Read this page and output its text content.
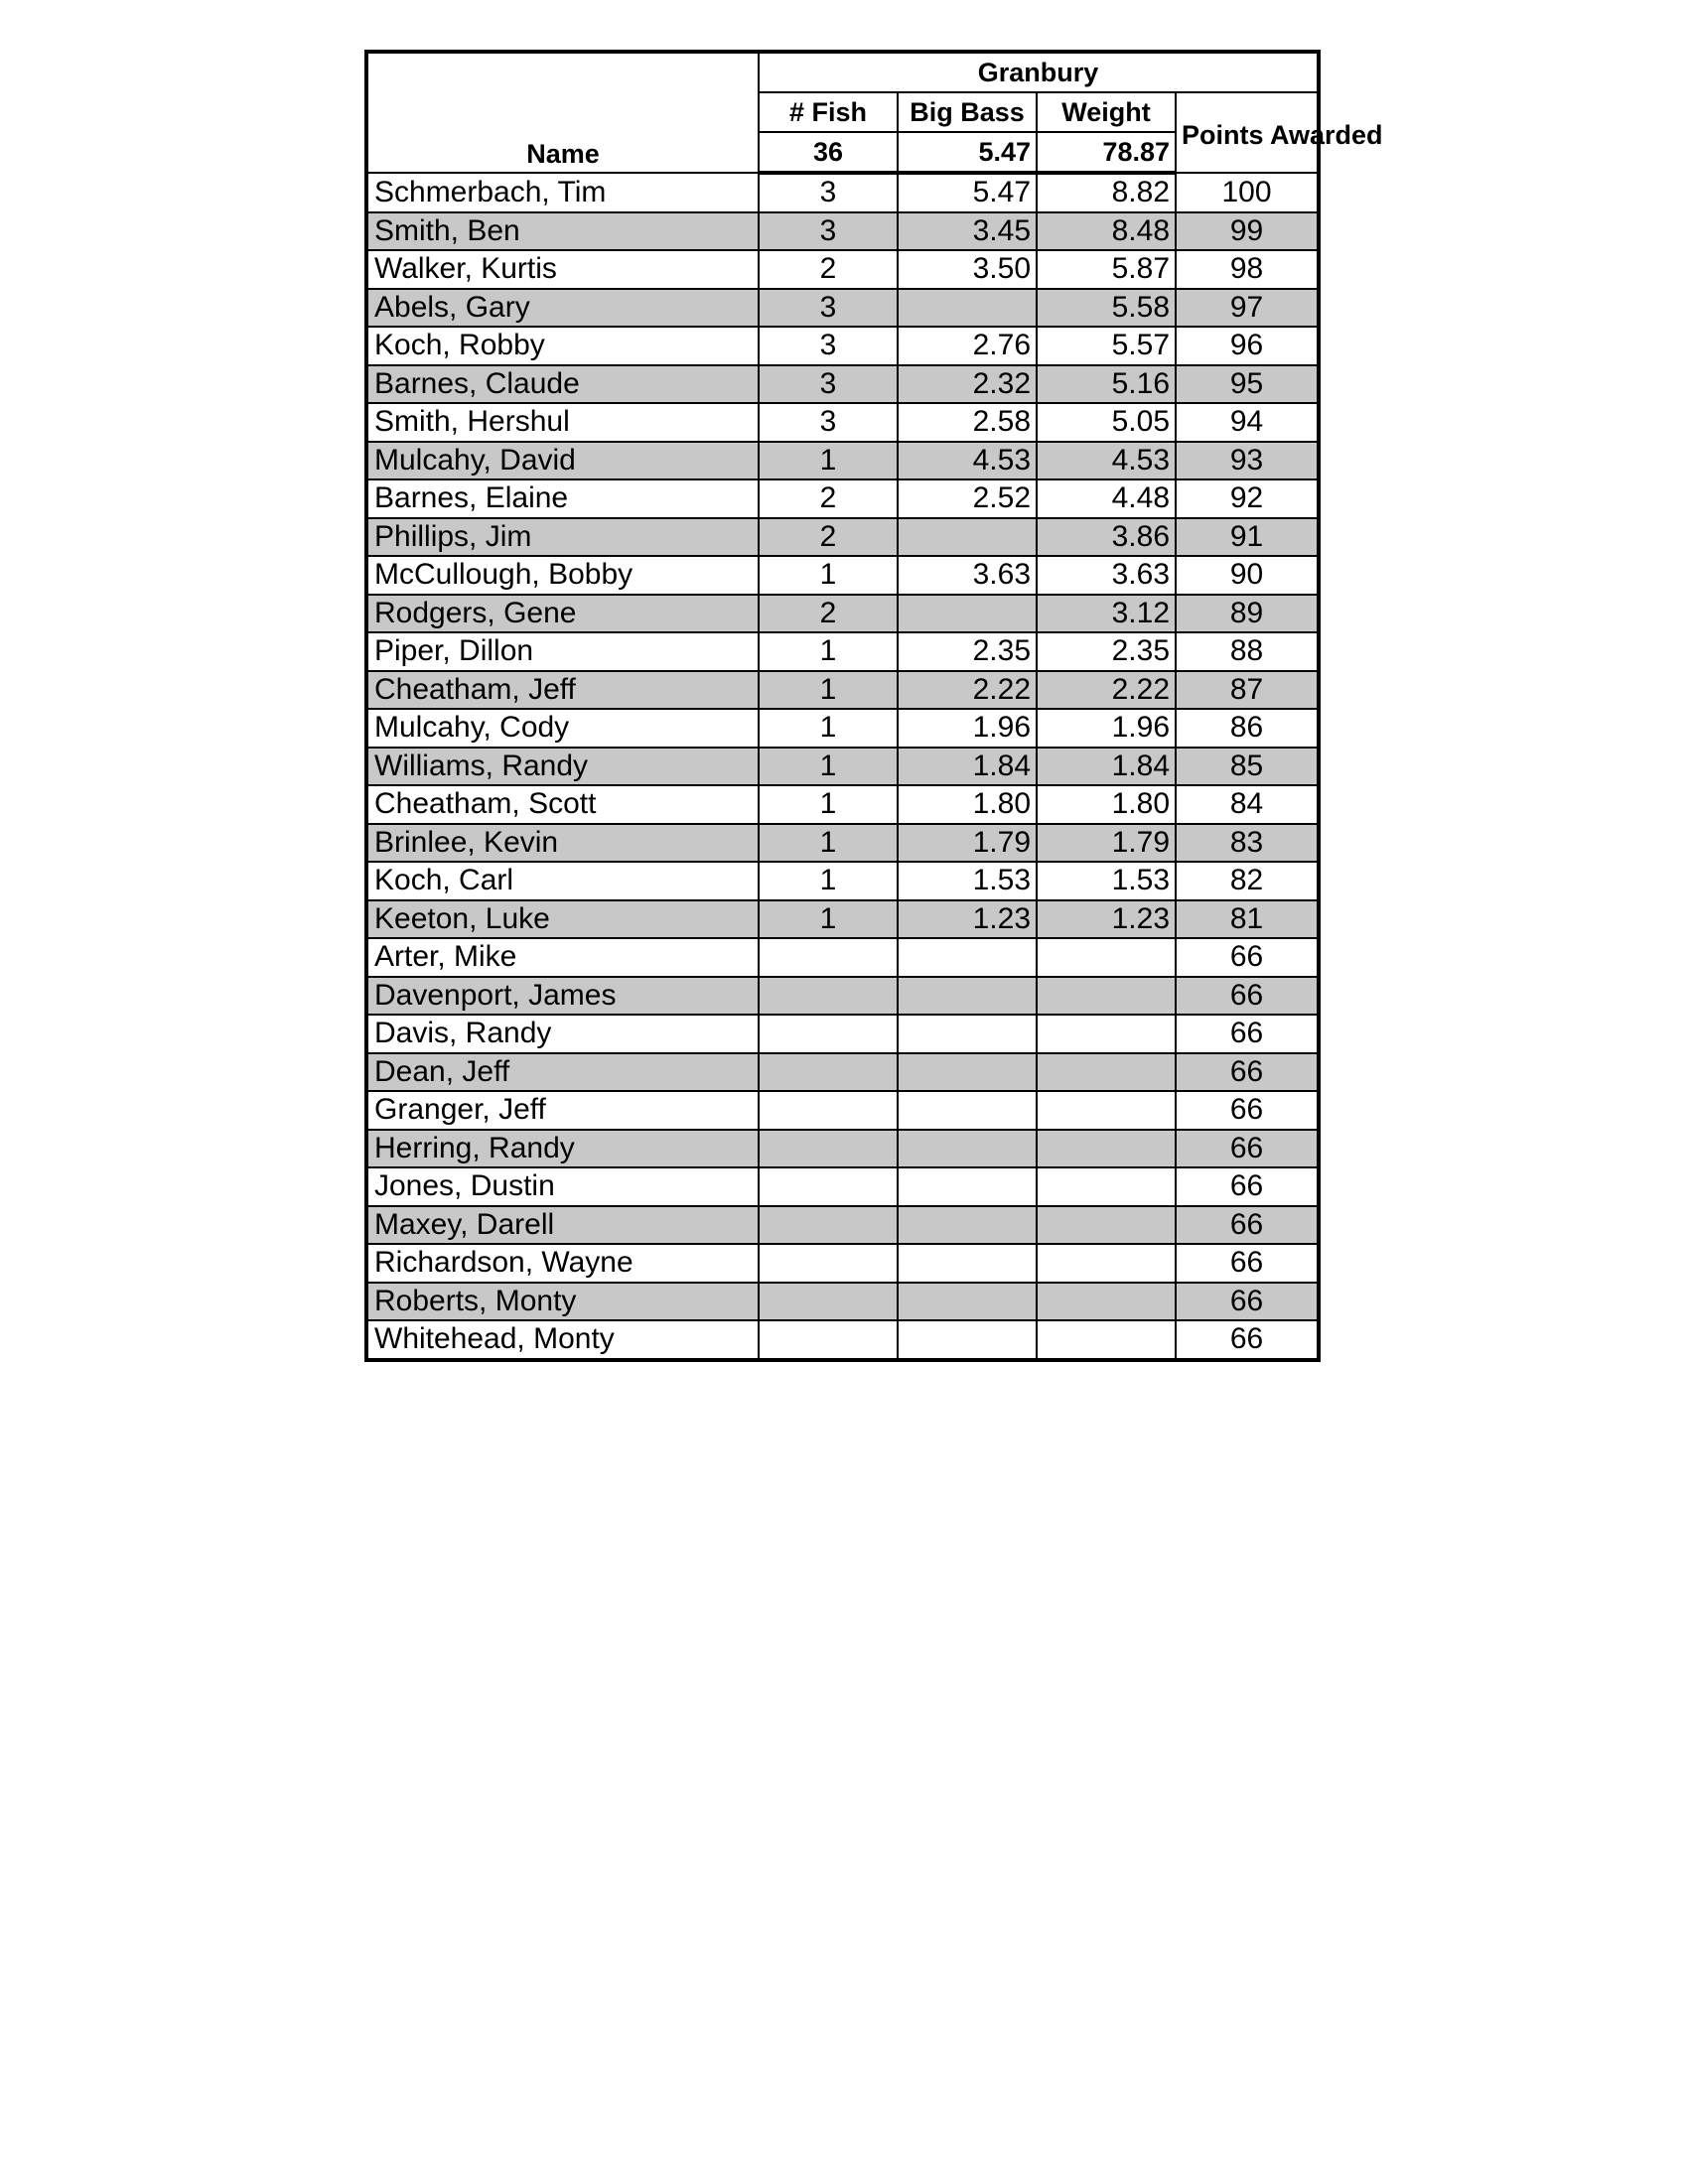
Name	Granbury			
	# Fish	Big Bass	Weight	Points Awarded
	36	5.47	78.87	
Schmerbach, Tim	3	5.47	8.82	100
Smith, Ben	3	3.45	8.48	99
Walker, Kurtis	2	3.50	5.87	98
Abels, Gary	3		5.58	97
Koch, Robby	3	2.76	5.57	96
Barnes, Claude	3	2.32	5.16	95
Smith, Hershul	3	2.58	5.05	94
Mulcahy, David	1	4.53	4.53	93
Barnes, Elaine	2	2.52	4.48	92
Phillips, Jim	2		3.86	91
McCullough, Bobby	1	3.63	3.63	90
Rodgers, Gene	2		3.12	89
Piper, Dillon	1	2.35	2.35	88
Cheatham, Jeff	1	2.22	2.22	87
Mulcahy, Cody	1	1.96	1.96	86
Williams, Randy	1	1.84	1.84	85
Cheatham, Scott	1	1.80	1.80	84
Brinlee, Kevin	1	1.79	1.79	83
Koch, Carl	1	1.53	1.53	82
Keeton, Luke	1	1.23	1.23	81
Arter, Mike				66
Davenport, James				66
Davis, Randy				66
Dean, Jeff				66
Granger, Jeff				66
Herring, Randy				66
Jones, Dustin				66
Maxey, Darell				66
Richardson, Wayne				66
Roberts, Monty				66
Whitehead, Monty				66
